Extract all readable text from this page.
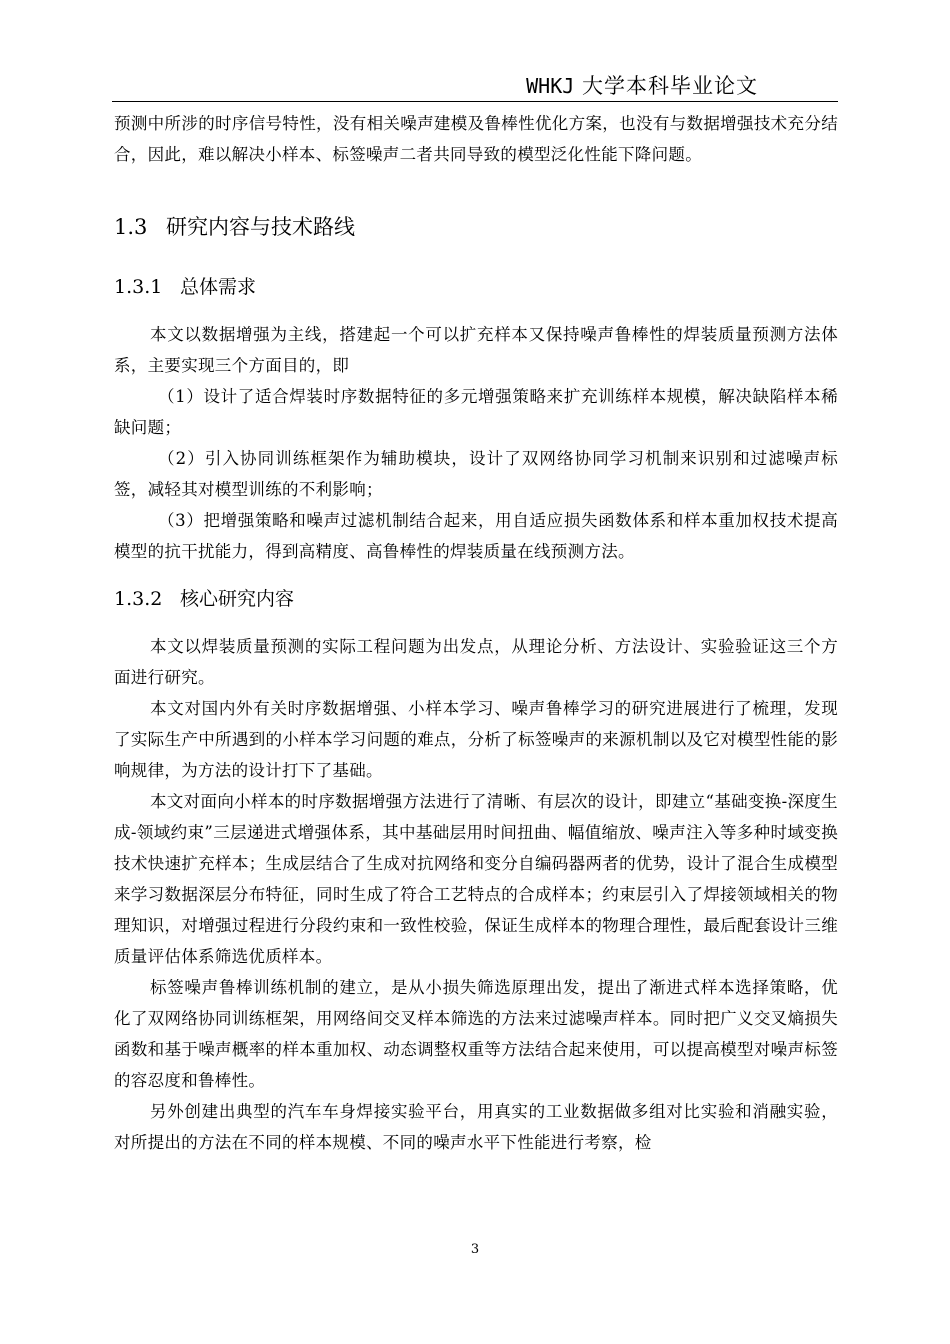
WHKJ 大学本科毕业论文

预测中所涉的时序信号特性，没有相关噪声建模及鲁棒性优化方案，也没有与数据增强技术充分结合，因此，难以解决小样本、标签噪声二者共同导致的模型泛化性能下降问题。

1.3 研究内容与技术路线
1.3.1 总体需求

本文以数据增强为主线，搭建起一个可以扩充样本又保持噪声鲁棒性的焊装质量预测方法体系，主要实现三个方面目的，即

（1）设计了适合焊装时序数据特征的多元增强策略来扩充训练样本规模，解决缺陷样本稀缺问题；

（2）引入协同训练框架作为辅助模块，设计了双网络协同学习机制来识别和过滤噪声标签，减轻其对模型训练的不利影响；

（3）把增强策略和噪声过滤机制结合起来，用自适应损失函数体系和样本重加权技术提高模型的抗干扰能力，得到高精度、高鲁棒性的焊装质量在线预测方法。

1.3.2 核心研究内容

本文以焊装质量预测的实际工程问题为出发点，从理论分析、方法设计、实验验证这三个方面进行研究。

本文对国内外有关时序数据增强、小样本学习、噪声鲁棒学习的研究进展进行了梳理，发现了实际生产中所遇到的小样本学习问题的难点，分析了标签噪声的来源机制以及它对模型性能的影响规律，为方法的设计打下了基础。

本文对面向小样本的时序数据增强方法进行了清晰、有层次的设计，即建立“基础变换-深度生成-领域约束”三层递进式增强体系，其中基础层用时间扭曲、幅值缩放、噪声注入等多种时域变换技术快速扩充样本；生成层结合了生成对抗网络和变分自编码器两者的优势，设计了混合生成模型来学习数据深层分布特征，同时生成了符合工艺特点的合成样本；约束层引入了焊接领域相关的物理知识，对增强过程进行分段约束和一致性校验，保证生成样本的物理合理性，最后配套设计三维质量评估体系筛选优质样本。

标签噪声鲁棒训练机制的建立，是从小损失筛选原理出发，提出了渐进式样本选择策略，优化了双网络协同训练框架，用网络间交叉样本筛选的方法来过滤噪声样本。同时把广义交叉熵损失函数和基于噪声概率的样本重加权、动态调整权重等方法结合起来使用，可以提高模型对噪声标签的容忍度和鲁棒性。

另外创建出典型的汽车车身焊接实验平台，用真实的工业数据做多组对比实验和消融实验，对所提出的方法在不同的样本规模、不同的噪声水平下性能进行考察，检

3
